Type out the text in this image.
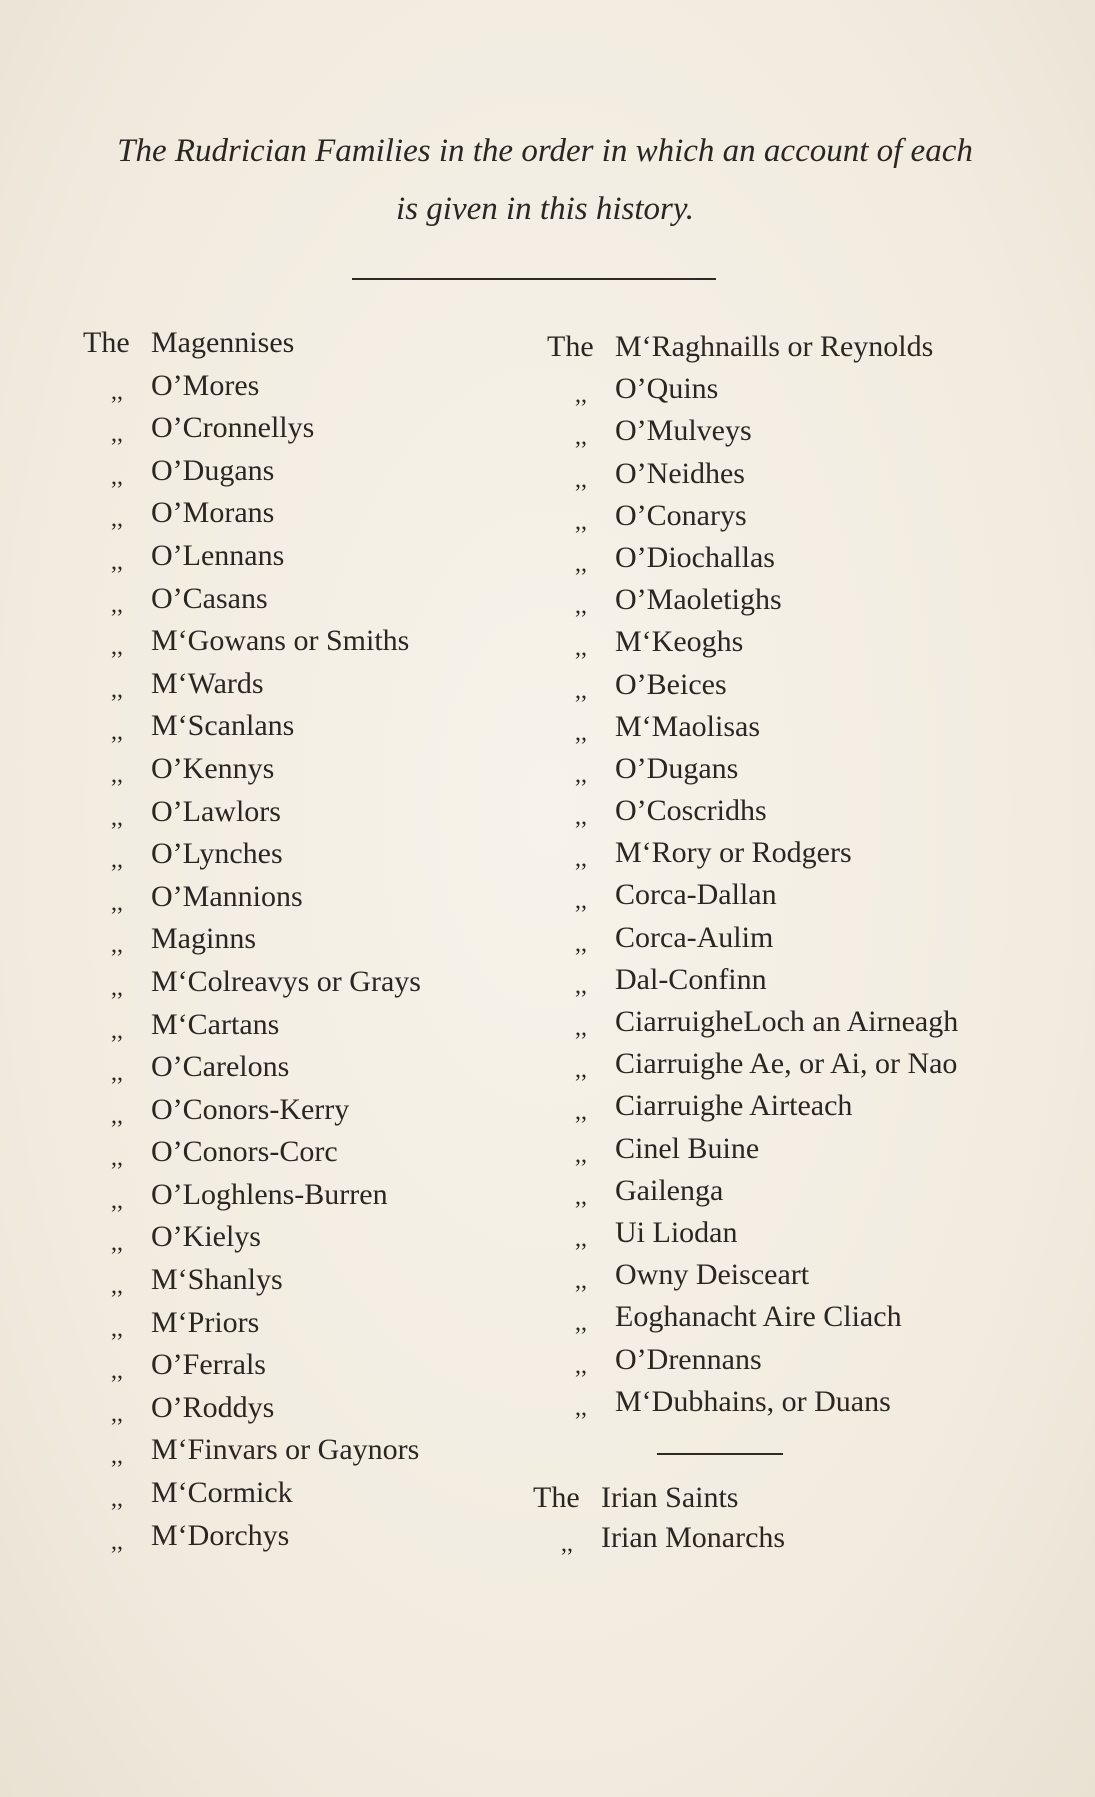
The Rudrician Families in the order in which an account of each
is given in this history.
The Magennises
,, O’Mores
,, O’Cronnellys
,, O’Dugans
,, O’Morans
,, O’Lennans
,, O’Casans
,, M‘Gowans or Smiths
,, M‘Wards
,, M‘Scanlans
,, O’Kennys
,, O’Lawlors
,, O’Lynches
,, O’Mannions
,, Maginns
,, M‘Colreavys or Grays
,, M‘Cartans
,, O’Carelons
,, O’Conors-Kerry
,, O’Conors-Corc
,, O’Loghlens-Burren
,, O’Kielys
,, M‘Shanlys
,, M‘Priors
,, O’Ferrals
,, O’Roddys
,, M‘Finvars or Gaynors
,, M‘Cormick
,, M‘Dorchys
The M‘Raghnaills or Reynolds
,, O’Quins
,, O’Mulveys
,, O’Neidhes
,, O’Conarys
,, O’Diochallas
,, O’Maoletighs
,, M‘Keoghs
,, O’Beices
,, M‘Maolisas
,, O’Dugans
,, O’Coscridhs
,, M‘Rory or Rodgers
,, Corca-Dallan
,, Corca-Aulim
,, Dal-Confinn
,, CiarruigheLoch an Airneagh
,, Ciarruighe Ae, or Ai, or Nao
,, Ciarruighe Airteach
,, Cinel Buine
,, Gailenga
,, Ui Liodan
,, Owny Deisceart
,, Eoghanacht Aire Cliach
,, O’Drennans
,, M‘Dubhains, or Duans
The Irian Saints
,, Irian Monarchs
